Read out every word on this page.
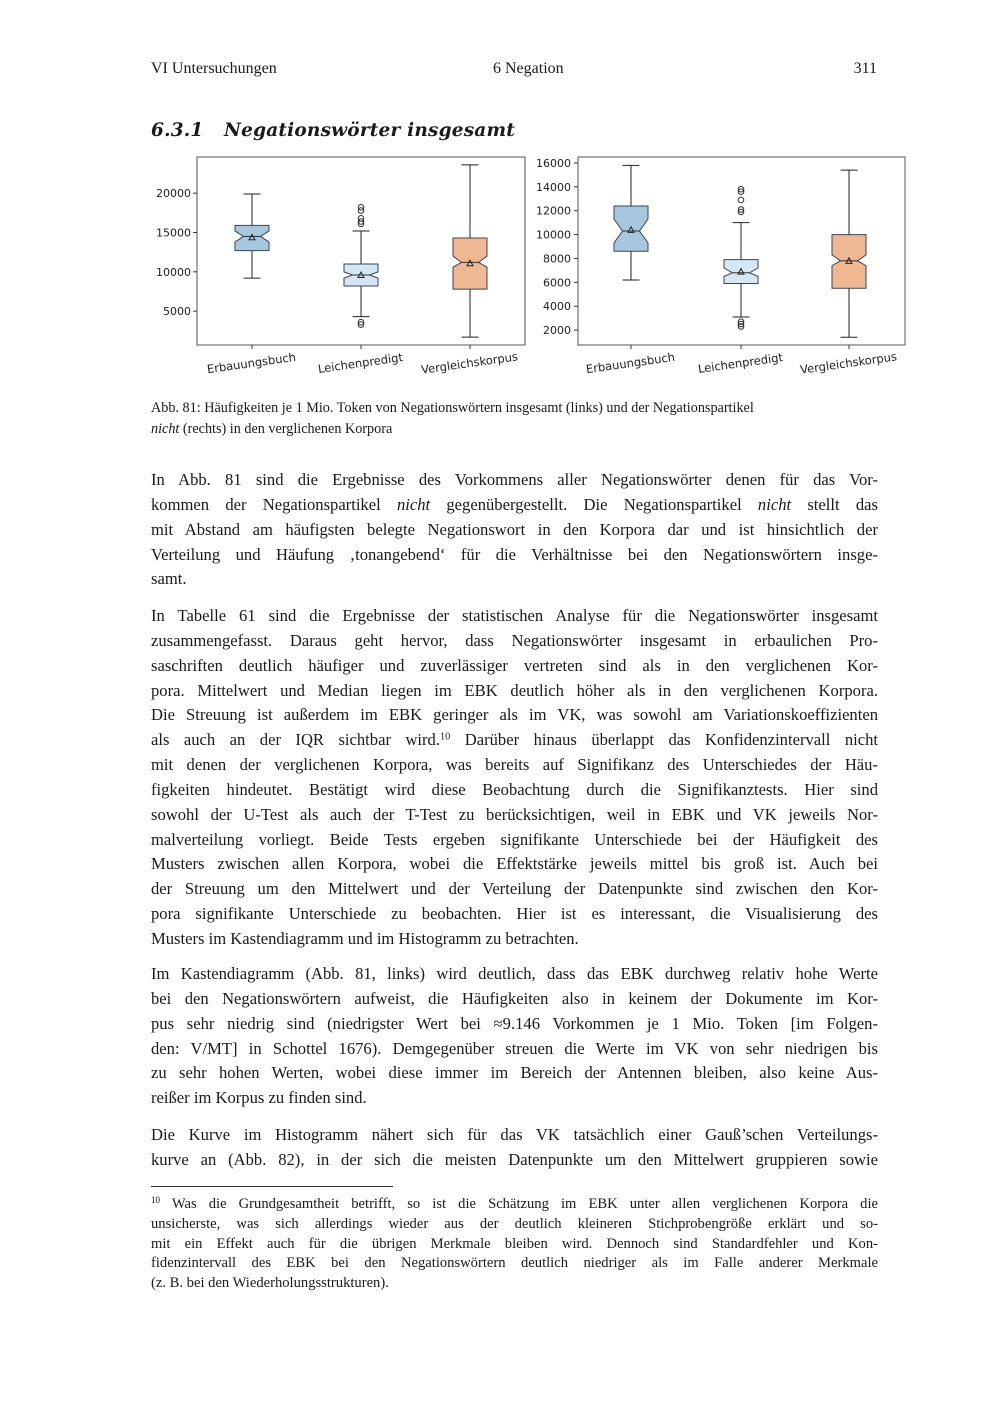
VI Untersuchungen	6 Negation	311
6.3.1 Negationswörter insgesamt
5000
10000
15000
20000
Erbauungsbuch Leichenpredigt Vergleichskorpus
2000
4000
6000
8000
10000
12000
14000
16000
Erbauungsbuch Leichenpredigt Vergleichskorpus
Abb. 81: Häufigkeiten je 1 Mio. Token von Negationswörtern insgesamt (links) und der Negationspartikel
nicht (rechts) in den verglichenen Korpora
In Abb. 81 sind die Ergebnisse des Vorkommens aller Negationswörter denen für das Vor-
kommen der Negationspartikel nicht gegenübergestellt. Die Negationspartikel nicht stellt das
mit Abstand am häufigsten belegte Negationswort in den Korpora dar und ist hinsichtlich der
Verteilung und Häufung ‚tonangebend‘ für die Verhältnisse bei den Negationswörtern insge-
samt.
In Tabelle 61 sind die Ergebnisse der statistischen Analyse für die Negationswörter insgesamt
zusammengefasst. Daraus geht hervor, dass Negationswörter insgesamt in erbaulichen Pro-
saschriften deutlich häufiger und zuverlässiger vertreten sind als in den verglichenen Kor-
pora. Mittelwert und Median liegen im EBK deutlich höher als in den verglichenen Korpora.
Die Streuung ist außerdem im EBK geringer als im VK, was sowohl am Variationskoeffizienten
als auch an der IQR sichtbar wird.$^{10}$ Darüber hinaus überlappt das Konfidenzintervall nicht
mit denen der verglichenen Korpora, was bereits auf Signifikanz des Unterschiedes der Häu-
figkeiten hindeutet. Bestätigt wird diese Beobachtung durch die Signifikanztests. Hier sind
sowohl der U-Test als auch der T-Test zu berücksichtigen, weil in EBK und VK jeweils Nor-
malverteilung vorliegt. Beide Tests ergeben signifikante Unterschiede bei der Häufigkeit des
Musters zwischen allen Korpora, wobei die Effektstärke jeweils mittel bis groß ist. Auch bei
der Streuung um den Mittelwert und der Verteilung der Datenpunkte sind zwischen den Kor-
pora signifikante Unterschiede zu beobachten. Hier ist es interessant, die Visualisierung des
Musters im Kastendiagramm und im Histogramm zu betrachten.
Im Kastendiagramm (Abb. 81, links) wird deutlich, dass das EBK durchweg relativ hohe Werte
bei den Negationswörtern aufweist, die Häufigkeiten also in keinem der Dokumente im Kor-
pus sehr niedrig sind (niedrigster Wert bei ≈9.146 Vorkommen je 1 Mio. Token [im Folgen-
den: V/MT] in Schottel 1676). Demgegenüber streuen die Werte im VK von sehr niedrigen bis
zu sehr hohen Werten, wobei diese immer im Bereich der Antennen bleiben, also keine Aus-
reißer im Korpus zu finden sind.
Die Kurve im Histogramm nähert sich für das VK tatsächlich einer Gauß’schen Verteilungs-
kurve an (Abb. 82), in der sich die meisten Datenpunkte um den Mittelwert gruppieren sowie
$^{10}$ Was die Grundgesamtheit betrifft, so ist die Schätzung im EBK unter allen verglichenen Korpora die
unsicherste, was sich allerdings wieder aus der deutlich kleineren Stichprobengröße erklärt und so-
mit ein Effekt auch für die übrigen Merkmale bleiben wird. Dennoch sind Standardfehler und Kon-
fidenzintervall des EBK bei den Negationswörtern deutlich niedriger als im Falle anderer Merkmale
(z. B. bei den Wiederholungsstrukturen).
